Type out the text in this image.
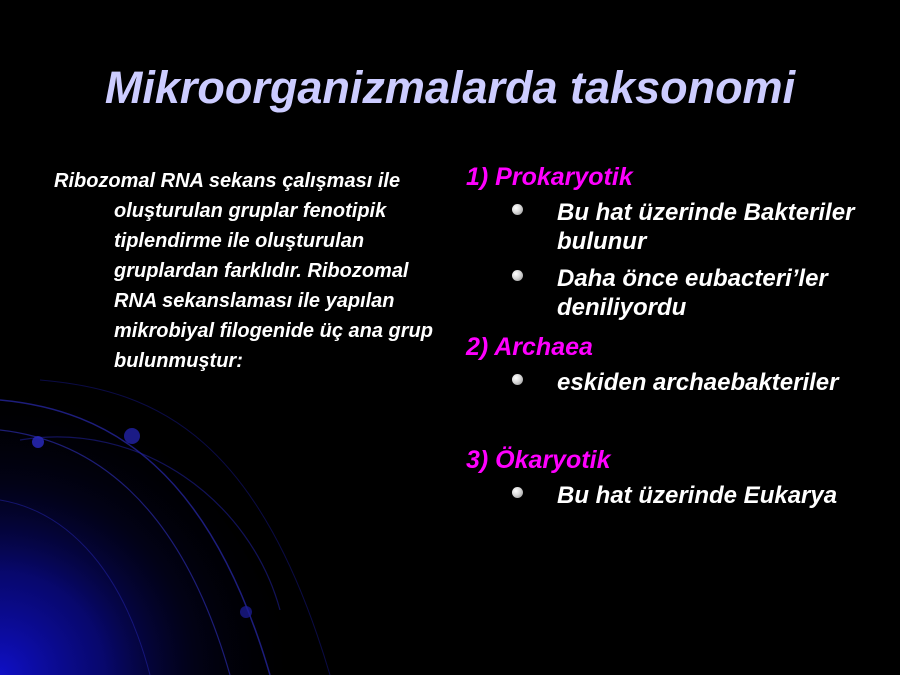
Mikroorganizmalarda taksonomi
Ribozomal RNA sekans çalışması ile oluşturulan gruplar fenotipik tiplendirme ile oluşturulan gruplardan farklıdır. Ribozomal RNA sekanslaması ile yapılan mikrobiyal filogenide üç ana grup bulunmuştur:

1) Prokaryotik

Bu hat üzerinde Bakteriler bulunur
Daha önce eubacteri’ler deniliyordu

2) Archaea

eskiden archaebakteriler

3) Ökaryotik

Bu hat üzerinde Eukarya
